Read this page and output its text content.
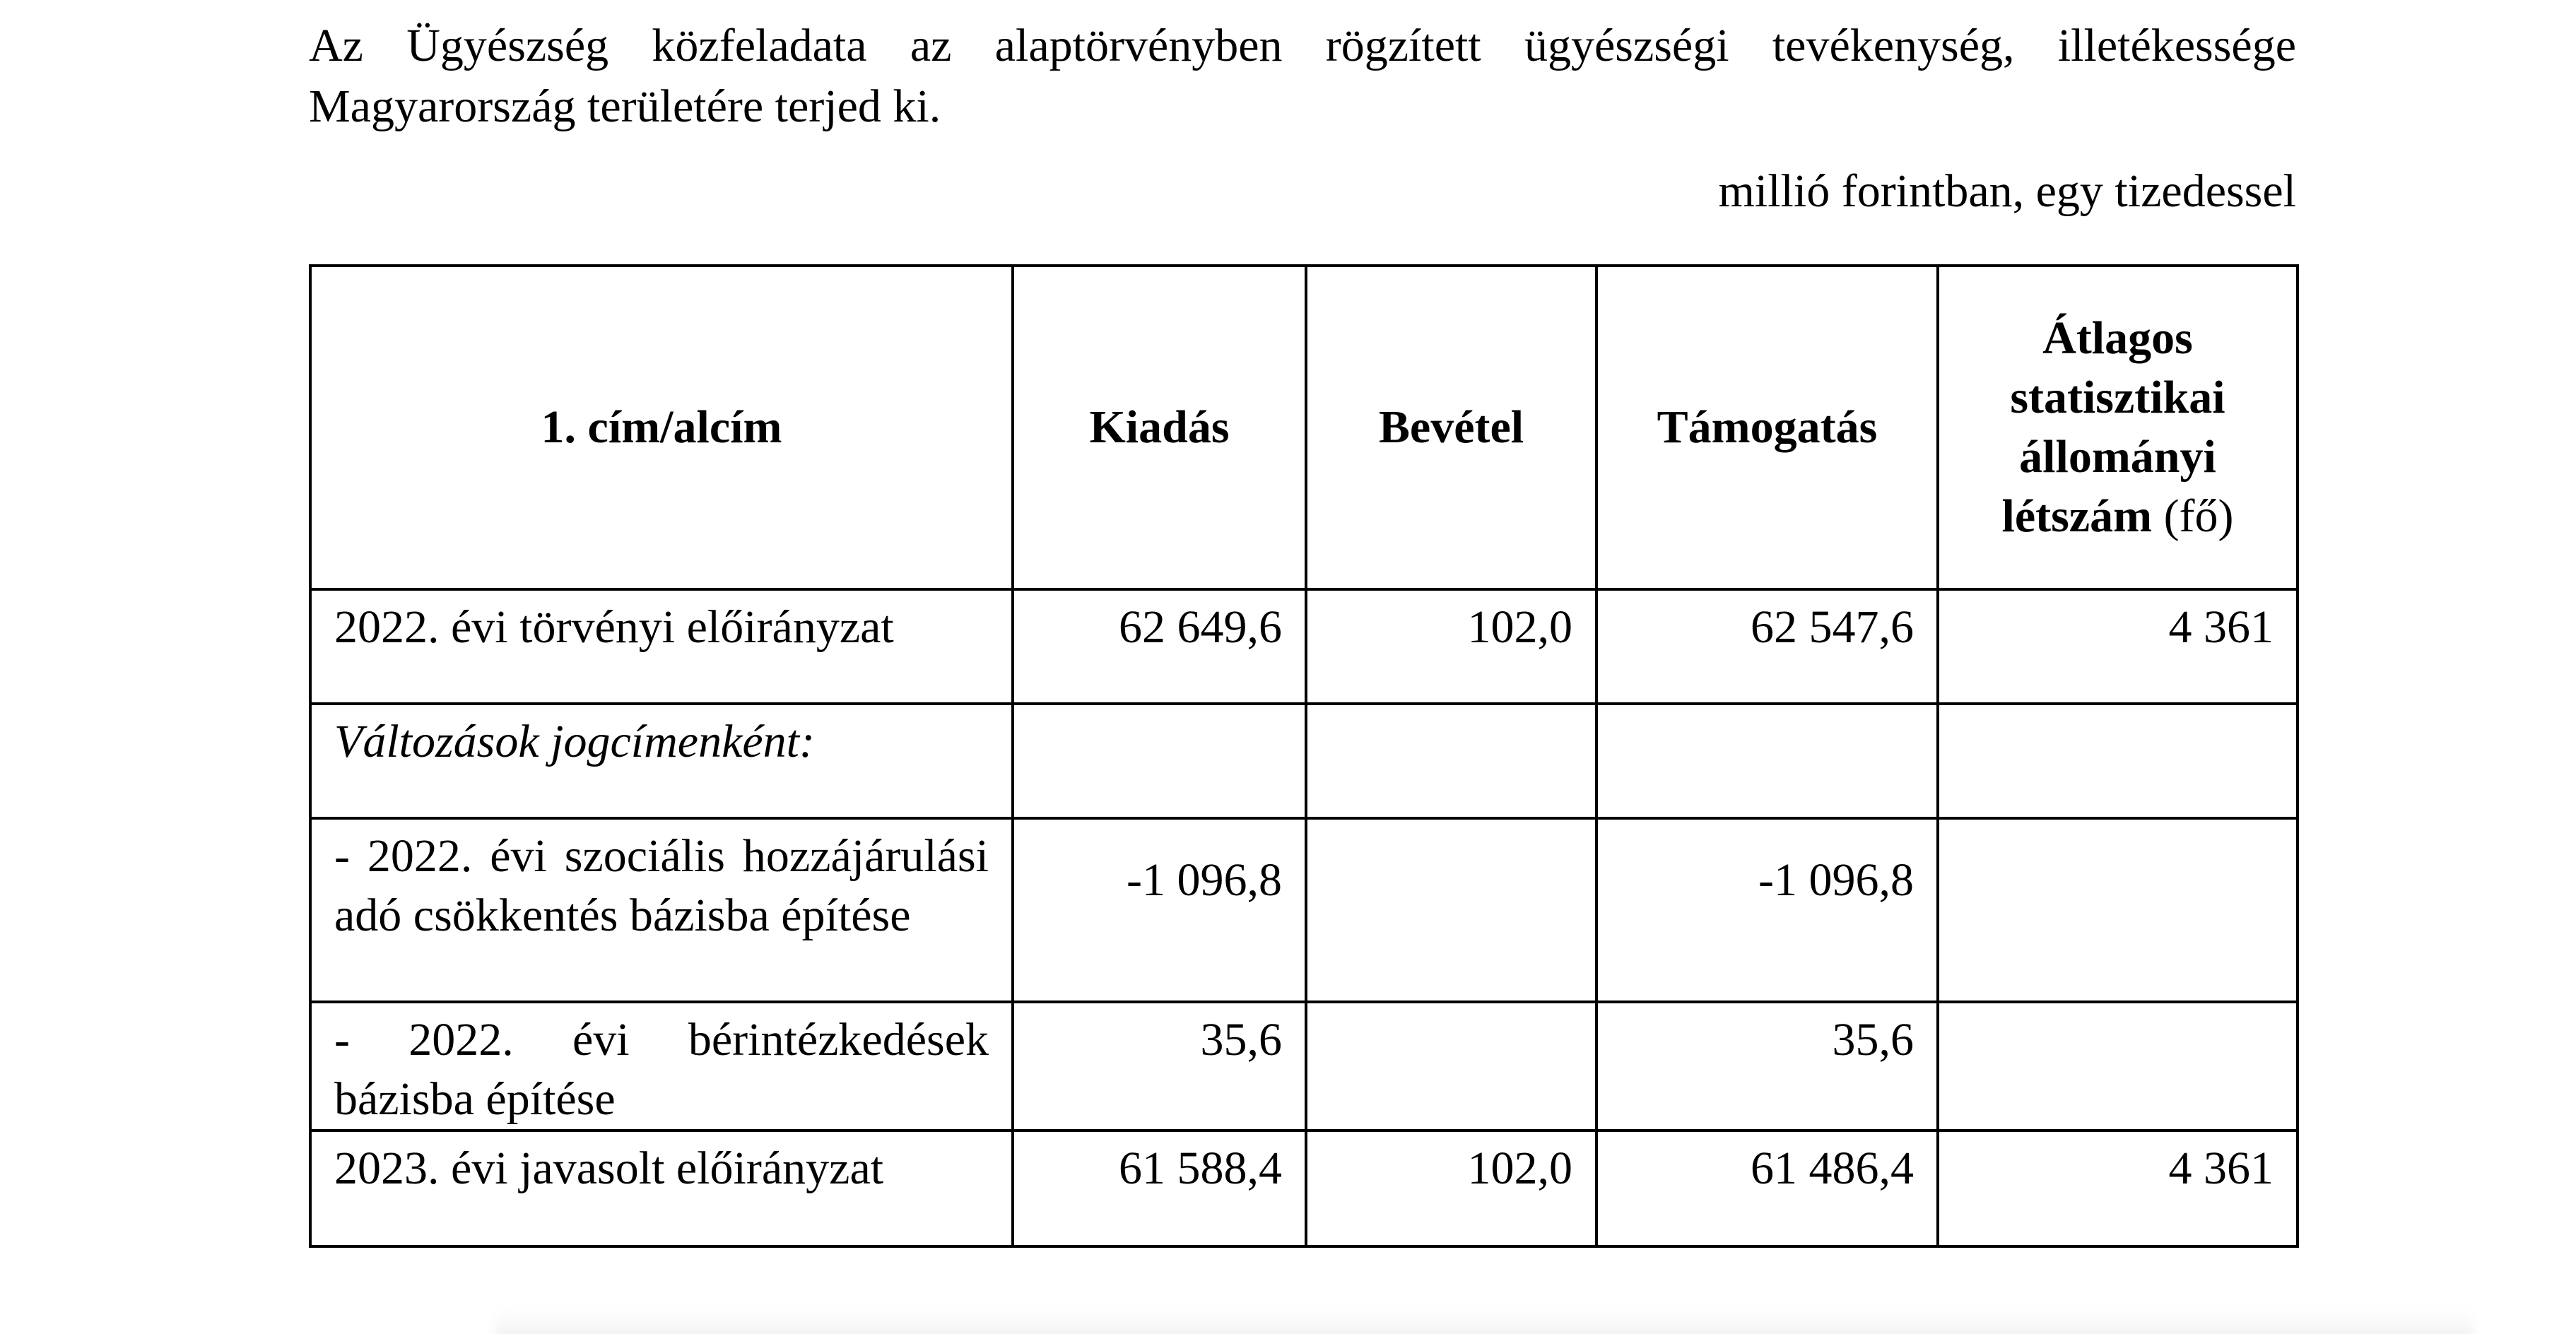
Az Ügyészség közfeladata az alaptörvényben rögzített ügyészségi tevékenység, illetékessége Magyarország területére terjed ki.

millió forintban, egy tizedessel

1. cím/alcím	Kiadás	Bevétel	Támogatás	Átlagos statisztikai állományi létszám (fő)
2022. évi törvényi előirányzat	62 649,6	102,0	62 547,6	4 361
Változások jogcímenként:				
- 2022. évi szociális hozzájárulási adó csökkentés bázisba építése	-1 096,8		-1 096,8	
- 2022. évi bérintézkedések bázisba építése	35,6		35,6	
2023. évi javasolt előirányzat	61 588,4	102,0	61 486,4	4 361
